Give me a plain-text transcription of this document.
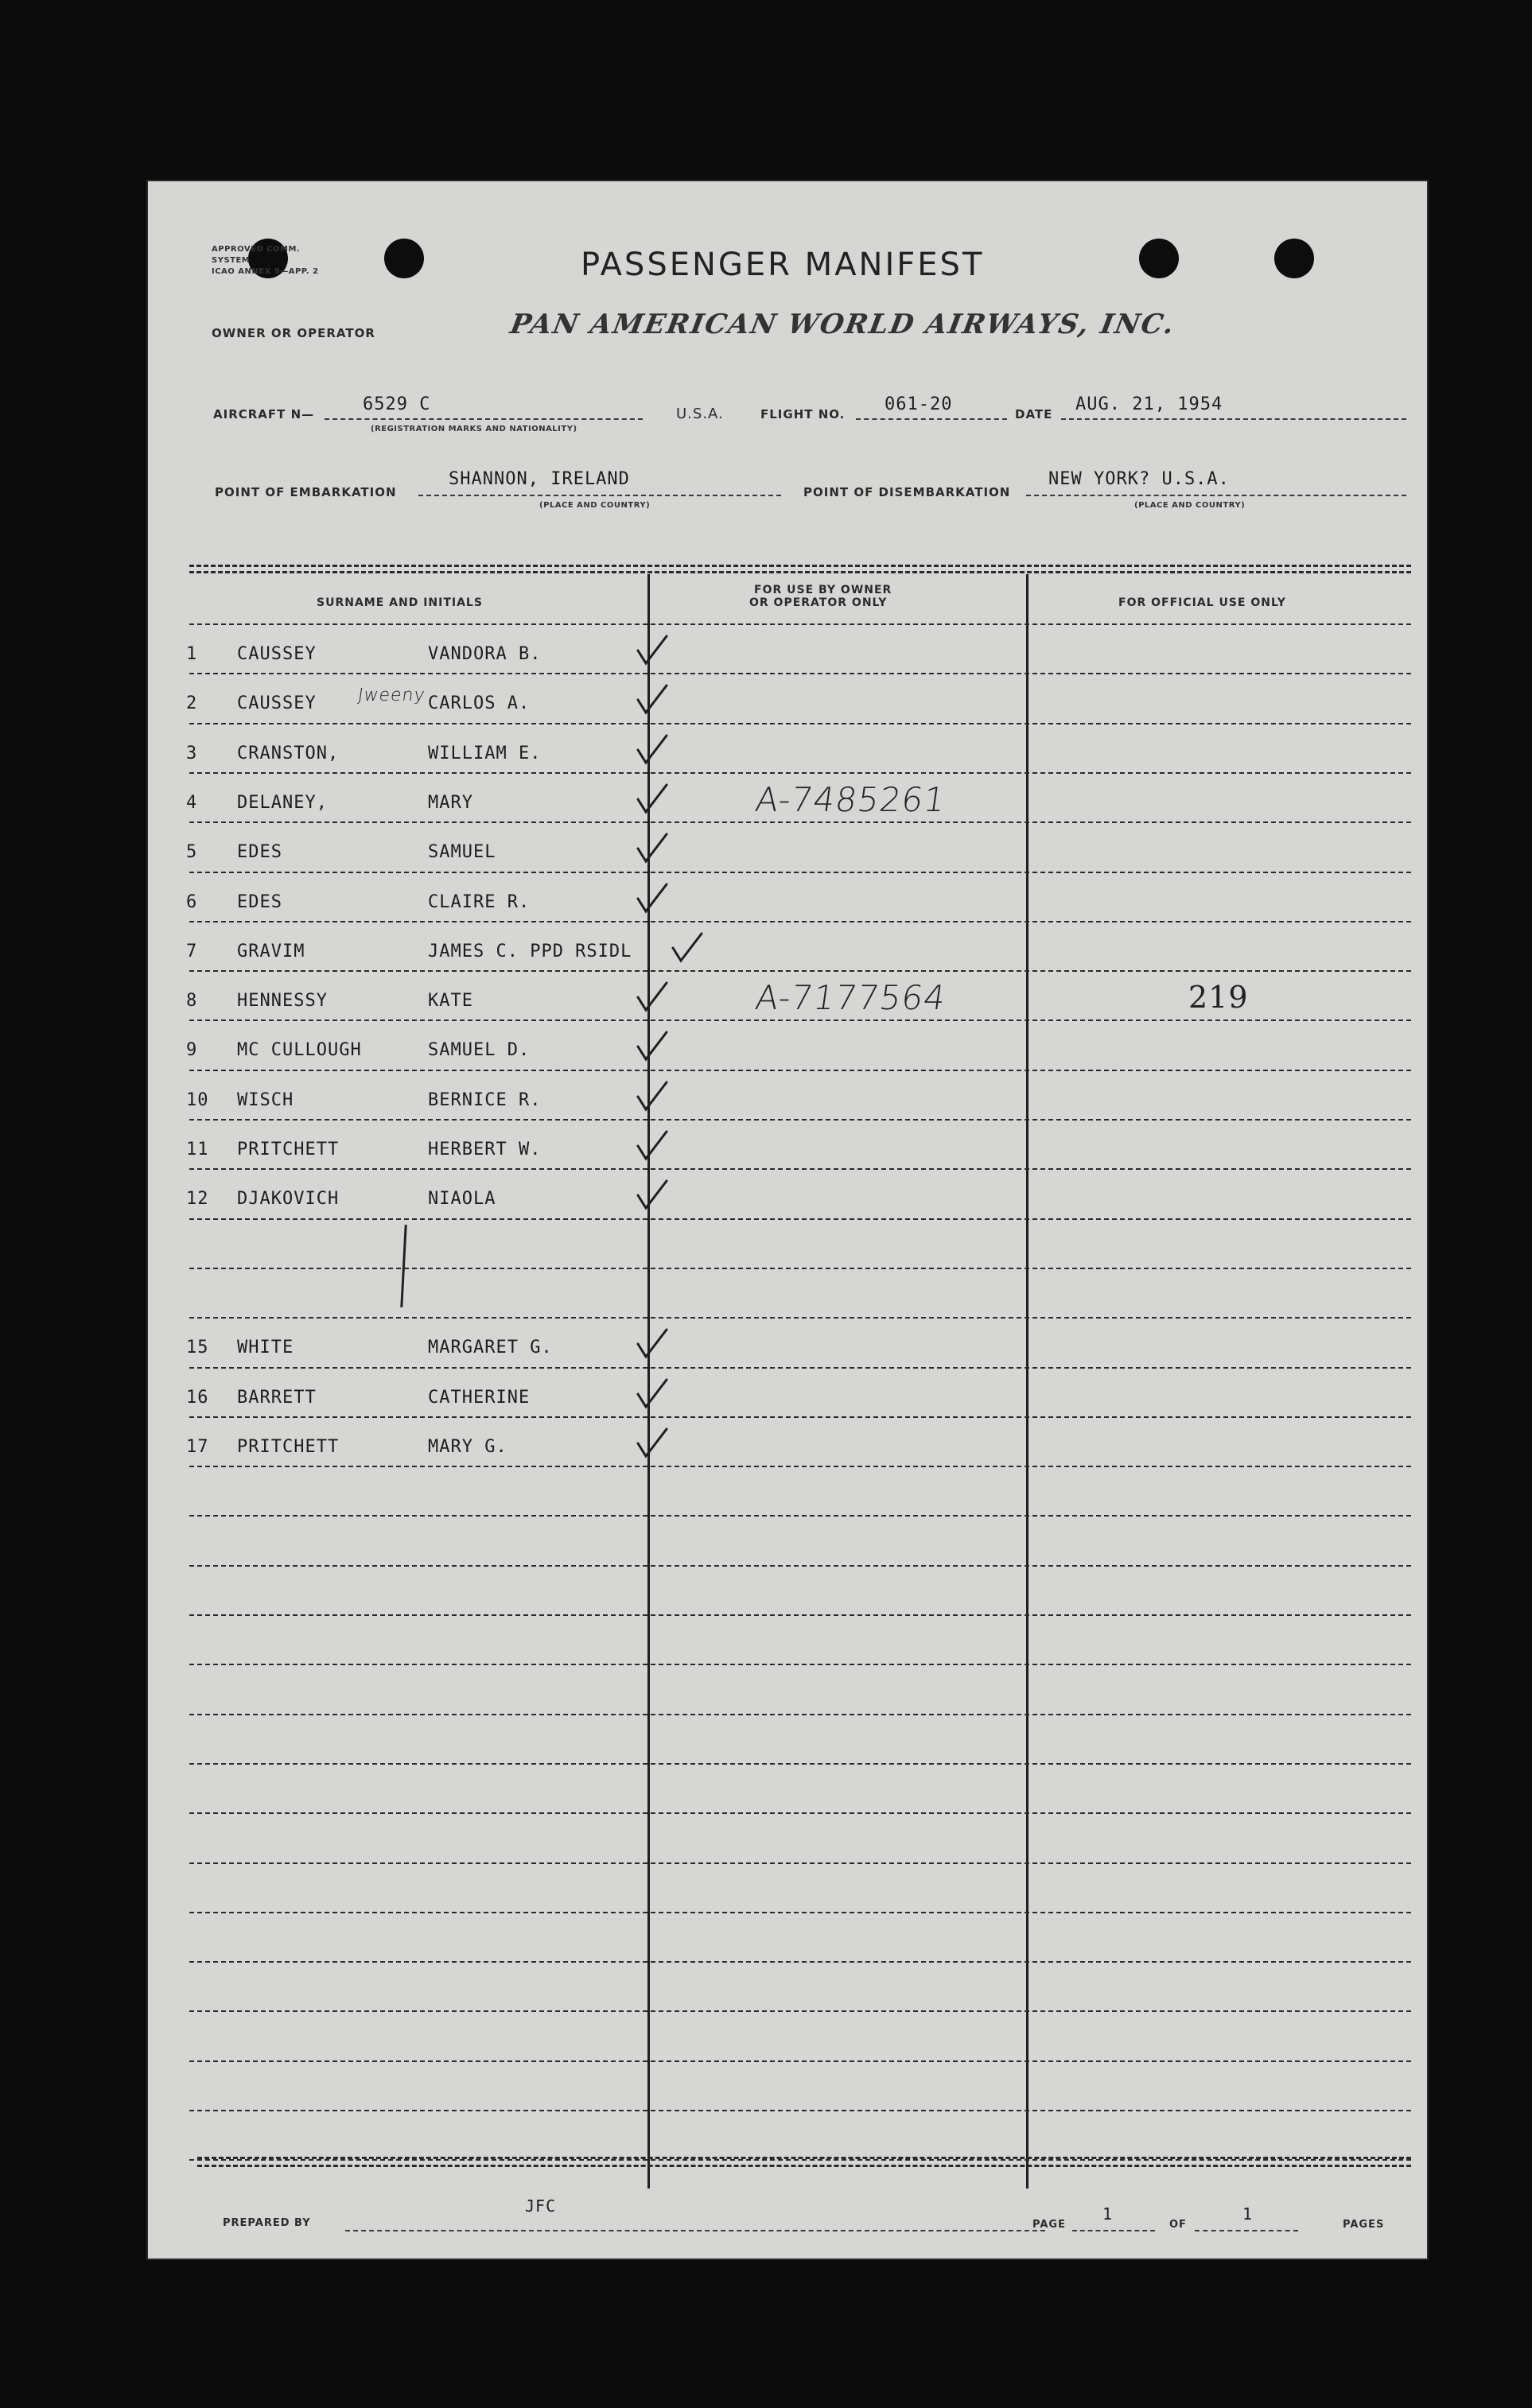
APPROVED COMM.
SYSTEM
ICAO ANNEX 9—APP. 2	PASSENGER MANIFEST
OWNER OR OPERATOR	PAN AMERICAN WORLD AIRWAYS, INC.
AIRCRAFT N—	6529 C
(REGISTRATION MARKS AND NATIONALITY)
U.S.A.	FLIGHT NO. 061-20	DATE AUG. 21, 1954
POINT OF EMBARKATION
SHANNON, IRELAND
(PLACE AND COUNTRY)
POINT OF DISEMBARKATION
NEW YORK? U.S.A.
(PLACE AND COUNTRY)
SURNAME AND INITIALS
FOR USE BY OWNER
OR OPERATOR ONLY	FOR OFFICIAL USE ONLY
1 CAUSSEY	VANDORA B.
2 CAUSSEY	CARLOS A.
Jweeny
3 CRANSTON,	WILLIAM E.
4 DELANEY,	MARY	A-7485261
5 EDES	SAMUEL
6 EDES	CLAIRE R.
7 GRAVIM	JAMES C. PPD RSIDL
8 HENNESSY	KATE	A-7177564	219
9 MC CULLOUGH	SAMUEL D.
10 WISCH	BERNICE R.
11 PRITCHETT	HERBERT W.
12 DJAKOVICH	NIAOLA
15 WHITE	MARGARET G.
16 BARRETT	CATHERINE
17 PRITCHETT	MARY G.
PREPARED BY
JFC
PAGE
1
OF
1
PAGES
